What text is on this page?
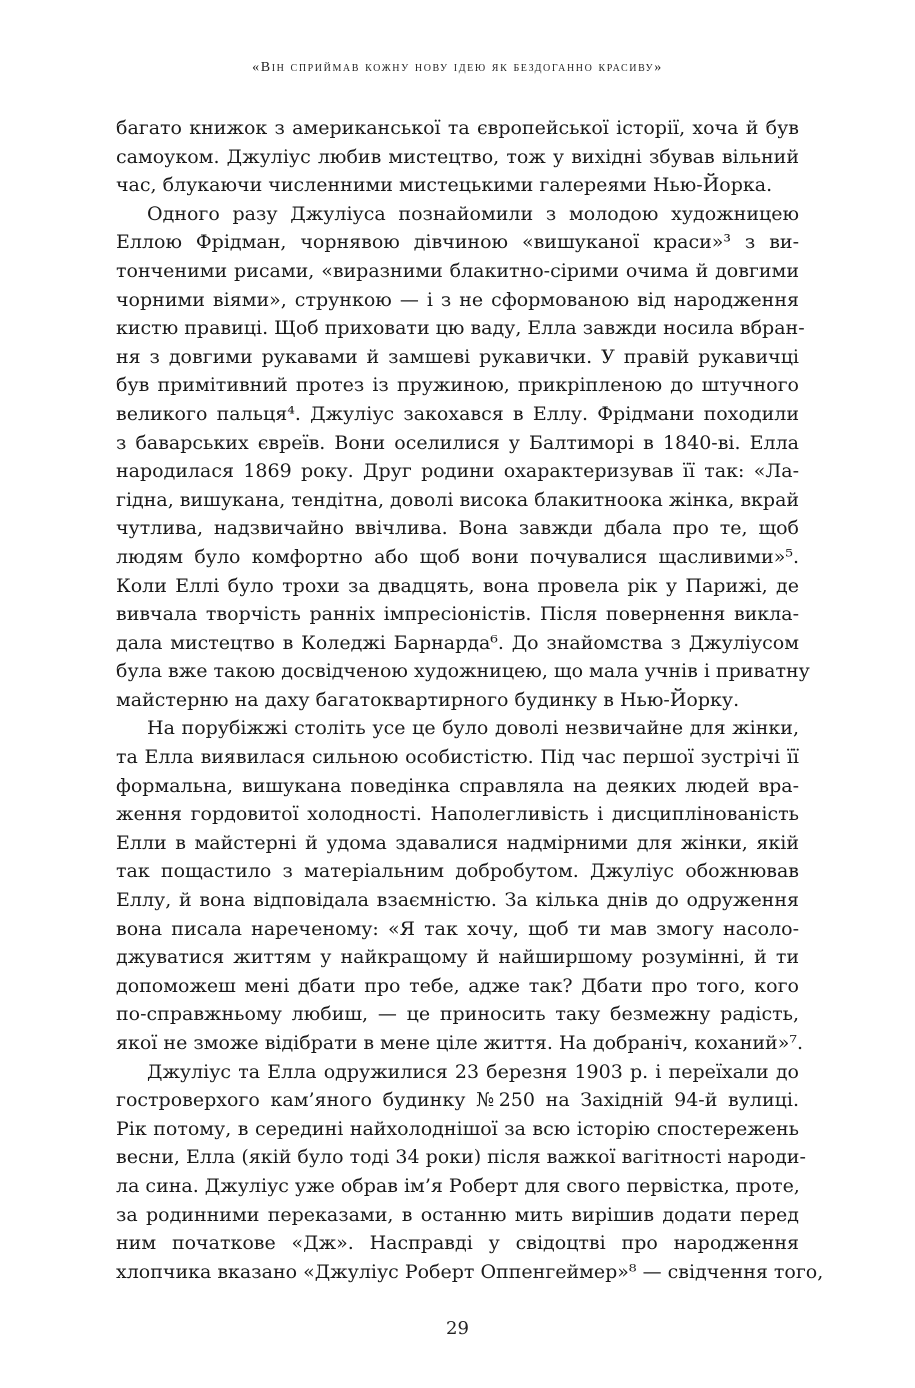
«Він сприймав кожну нову ідею як бездоганно красиву»

багато книжок з американської та європейської історії, хоча й був
самоуком. Джуліус любив мистецтво, тож у вихідні збував вільний
час, блукаючи численними мистецькими галереями Нью-Йорка.

Одного разу Джуліуса познайомили з молодою художницею
Еллою Фрідман, чорнявою дівчиною «вишуканої краси»³ з ви-
тонченими рисами, «виразними блакитно-сірими очима й довгими
чорними віями», стрункою — і з не сформованою від народження
кистю правиці. Щоб приховати цю ваду, Елла завжди носила вбран-
ня з довгими рукавами й замшеві рукавички. У правій рукавичці
був примітивний протез із пружиною, прикріпленою до штучного
великого пальця⁴. Джуліус закохався в Еллу. Фрідмани походили
з баварських євреїв. Вони оселилися у Балтиморі в 1840-ві. Елла
народилася 1869 року. Друг родини охарактеризував її так: «Ла-
гідна, вишукана, тендітна, доволі висока блакитноока жінка, вкрай
чутлива, надзвичайно ввічлива. Вона завжди дбала про те, щоб
людям було комфортно або щоб вони почувалися щасливими»⁵.
Коли Еллі було трохи за двадцять, вона провела рік у Парижі, де
вивчала творчість ранніх імпресіоністів. Після повернення викла-
дала мистецтво в Коледжі Барнарда⁶. До знайомства з Джуліусом
була вже такою досвідченою художницею, що мала учнів і приватну
майстерню на даху багатоквартирного будинку в Нью-Йорку.

На порубіжжі століть усе це було доволі незвичайне для жінки,
та Елла виявилася сильною особистістю. Під час першої зустрічі її
формальна, вишукана поведінка справляла на деяких людей вра-
ження гордовитої холодності. Наполегливість і дисциплінованість
Елли в майстерні й удома здавалися надмірними для жінки, якій
так пощастило з матеріальним добробутом. Джуліус обожнював
Еллу, й вона відповідала взаємністю. За кілька днів до одруження
вона писала нареченому: «Я так хочу, щоб ти мав змогу насоло-
джуватися життям у найкращому й найширшому розумінні, й ти
допоможеш мені дбати про тебе, адже так? Дбати про того, кого
по-справжньому любиш, — це приносить таку безмежну радість,
якої не зможе відібрати в мене ціле життя. На добраніч, коханий»⁷.

Джуліус та Елла одружилися 23 березня 1903 р. і переїхали до
гостроверхого кам’яного будинку №250 на Західній 94-й вулиці.
Рік потому, в середині найхолоднішої за всю історію спостережень
весни, Елла (якій було тоді 34 роки) після важкої вагітності народи-
ла сина. Джуліус уже обрав ім’я Роберт для свого первістка, проте,
за родинними переказами, в останню мить вирішив додати перед
ним початкове «Дж». Насправді у свідоцтві про народження
хлопчика вказано «Джуліус Роберт Оппенгеймер»⁸ — свідчення того,

29
